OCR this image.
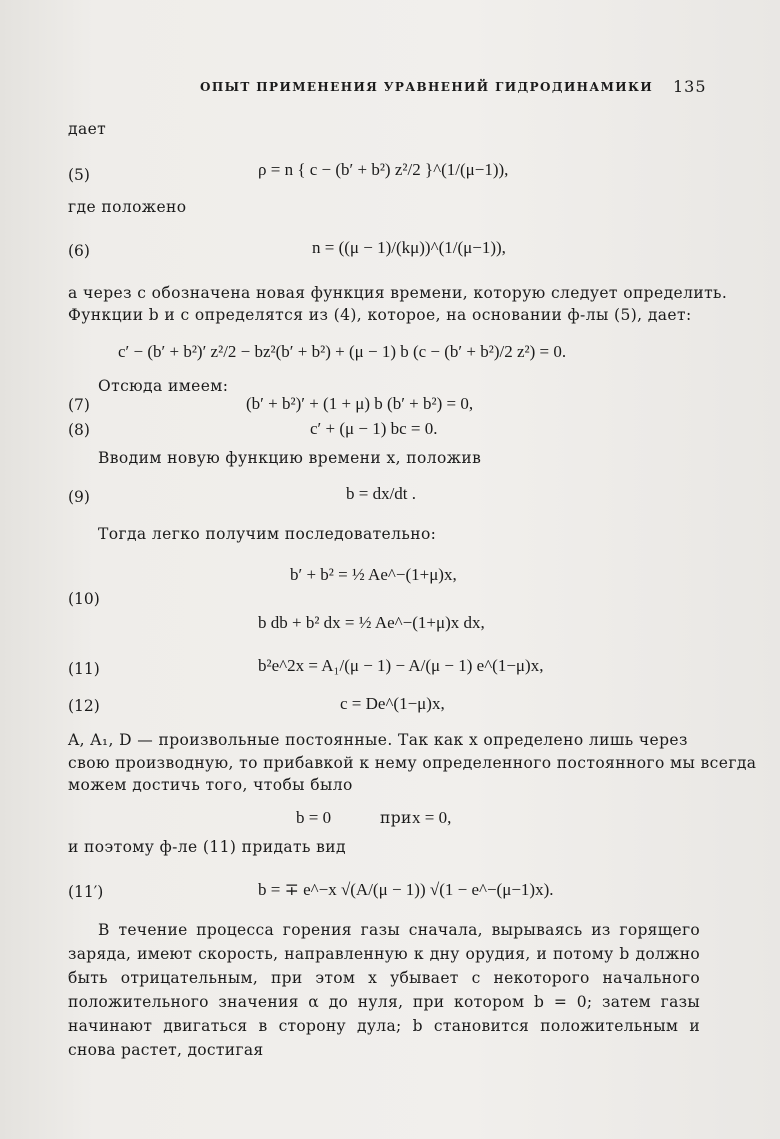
ОПЫТ ПРИМЕНЕНИЯ УРАВНЕНИЙ ГИДРОДИНАМИКИ 135
дает
(5)	ρ = n { c − (b′ + b²) z²/2 }^(1/(μ−1)),
где положено
(6)	n = ((μ − 1)/(kμ))^(1/(μ−1)),
а через c обозначена новая функция времени, которую следует определить.
Функции b и c определятся из (4), которое, на основании ф-лы (5), дает:
c′ − (b′ + b²)′ z²/2 − bz²(b′ + b²) + (μ − 1) b (c − (b′ + b²)/2 z²) = 0.
Отсюда имеем:
(7)	(b′ + b²)′ + (1 + μ) b (b′ + b²) = 0,
(8)	c′ + (μ − 1) bc = 0.
Вводим новую функцию времени x, положив
(9)	b = dx/dt .
Тогда легко получим последовательно:
b′ + b² = ½ Ae^−(1+μ)x,
(10)
b db + b² dx = ½ Ae^−(1+μ)x dx,
(11)	b²e^2x = A₁/(μ − 1) − A/(μ − 1) e^(1−μ)x,
(12)	c = De^(1−μ)x,
A, A₁, D — произвольные постоянные. Так как x определено лишь через
свою производную, то прибавкой к нему определенного постоянного мы всегда
можем достичь того, чтобы было
b = 0	при x = 0,
и поэтому ф-ле (11) придать вид
(11′)	b = ∓ e^−x √(A/(μ − 1)) √(1 − e^−(μ−1)x).
В течение процесса горения газы сначала, вырываясь из горящего заряда, имеют скорость, направленную к дну орудия, и потому b должно быть отрицательным, при этом x убывает с некоторого начального положительного значения α до нуля, при котором b = 0; затем газы начинают двигаться в сторону дула; b становится положительным и снова растет, достигая
